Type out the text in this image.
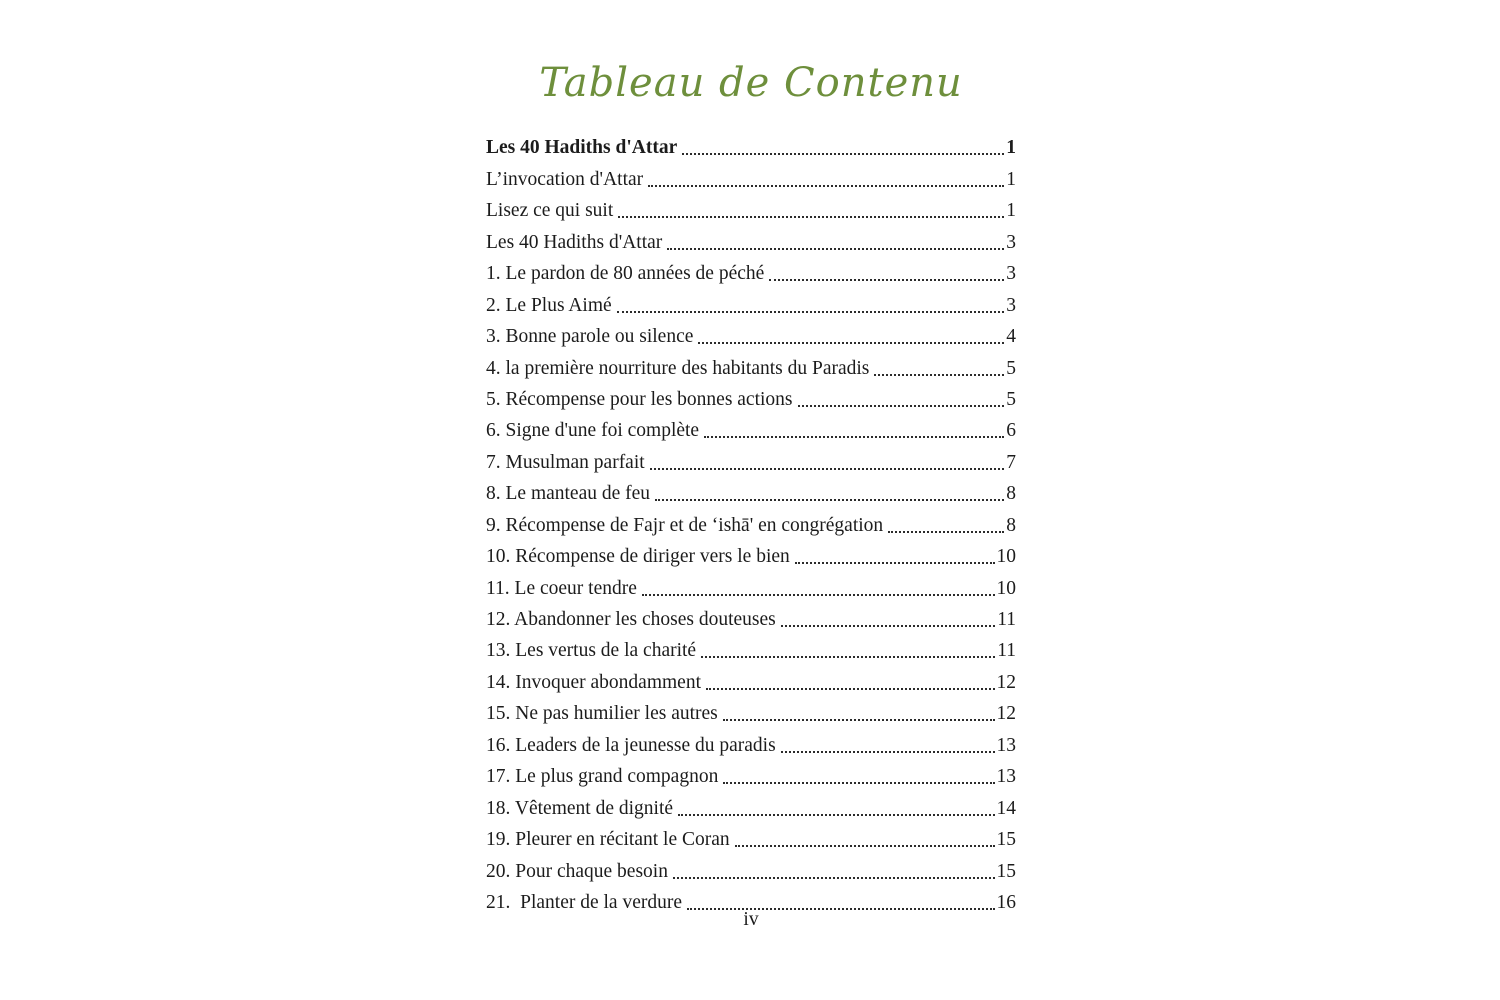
Tableau de Contenu
Les 40 Hadiths d'Attar	1
L’invocation d'Attar	1
Lisez ce qui suit	1
Les 40 Hadiths d'Attar	3
1. Le pardon de 80 années de péché	3
2. Le Plus Aimé	3
3. Bonne parole ou silence	4
4. la première nourriture des habitants du Paradis	5
5. Récompense pour les bonnes actions	5
6. Signe d'une foi complète	6
7. Musulman parfait	7
8. Le manteau de feu	8
9. Récompense de Fajr et de ‘ishā' en congrégation	8
10. Récompense de diriger vers le bien	10
11. Le coeur tendre	10
12. Abandonner les choses douteuses	11
13. Les vertus de la charité	11
14. Invoquer abondamment	12
15. Ne pas humilier les autres	12
16. Leaders de la jeunesse du paradis	13
17. Le plus grand compagnon	13
18. Vêtement de dignité	14
19. Pleurer en récitant le Coran	15
20. Pour chaque besoin	15
21.  Planter de la verdure	16
iv
